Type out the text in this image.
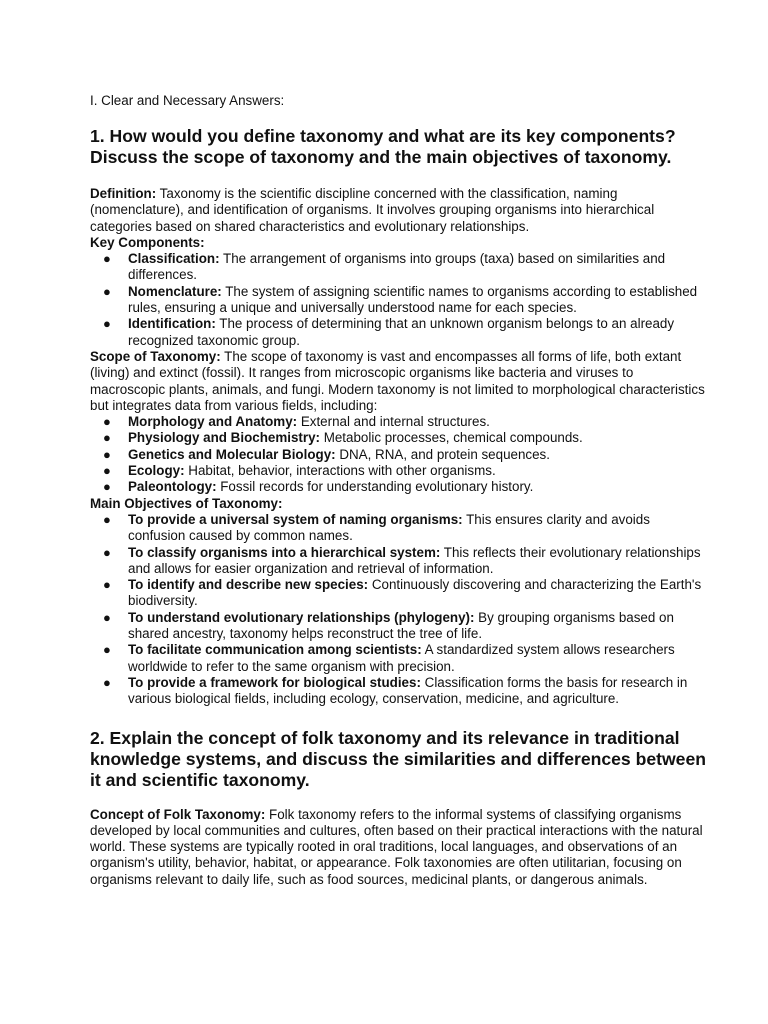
I. Clear and Necessary Answers:
1. How would you define taxonomy and what are its key components? Discuss the scope of taxonomy and the main objectives of taxonomy.

Definition: Taxonomy is the scientific discipline concerned with the classification, naming (nomenclature), and identification of organisms. It involves grouping organisms into hierarchical categories based on shared characteristics and evolutionary relationships.

Key Components:
● Classification: The arrangement of organisms into groups (taxa) based on similarities and differences.
● Nomenclature: The system of assigning scientific names to organisms according to established rules, ensuring a unique and universally understood name for each species.
● Identification: The process of determining that an unknown organism belongs to an already recognized taxonomic group.

Scope of Taxonomy: The scope of taxonomy is vast and encompasses all forms of life, both extant (living) and extinct (fossil). It ranges from microscopic organisms like bacteria and viruses to macroscopic plants, animals, and fungi. Modern taxonomy is not limited to morphological characteristics but integrates data from various fields, including:

● Morphology and Anatomy: External and internal structures.
● Physiology and Biochemistry: Metabolic processes, chemical compounds.
● Genetics and Molecular Biology: DNA, RNA, and protein sequences.
● Ecology: Habitat, behavior, interactions with other organisms.
● Paleontology: Fossil records for understanding evolutionary history.
Main Objectives of Taxonomy:
● To provide a universal system of naming organisms: This ensures clarity and avoids confusion caused by common names.
● To classify organisms into a hierarchical system: This reflects their evolutionary relationships and allows for easier organization and retrieval of information.
● To identify and describe new species: Continuously discovering and characterizing the Earth's biodiversity.
● To understand evolutionary relationships (phylogeny): By grouping organisms based on shared ancestry, taxonomy helps reconstruct the tree of life.
● To facilitate communication among scientists: A standardized system allows researchers worldwide to refer to the same organism with precision.
● To provide a framework for biological studies: Classification forms the basis for research in various biological fields, including ecology, conservation, medicine, and agriculture.
2. Explain the concept of folk taxonomy and its relevance in traditional knowledge systems, and discuss the similarities and differences between it and scientific taxonomy.

Concept of Folk Taxonomy: Folk taxonomy refers to the informal systems of classifying organisms developed by local communities and cultures, often based on their practical interactions with the natural world. These systems are typically rooted in oral traditions, local languages, and observations of an organism's utility, behavior, habitat, or appearance. Folk taxonomies are often utilitarian, focusing on organisms relevant to daily life, such as food sources, medicinal plants, or dangerous animals.
